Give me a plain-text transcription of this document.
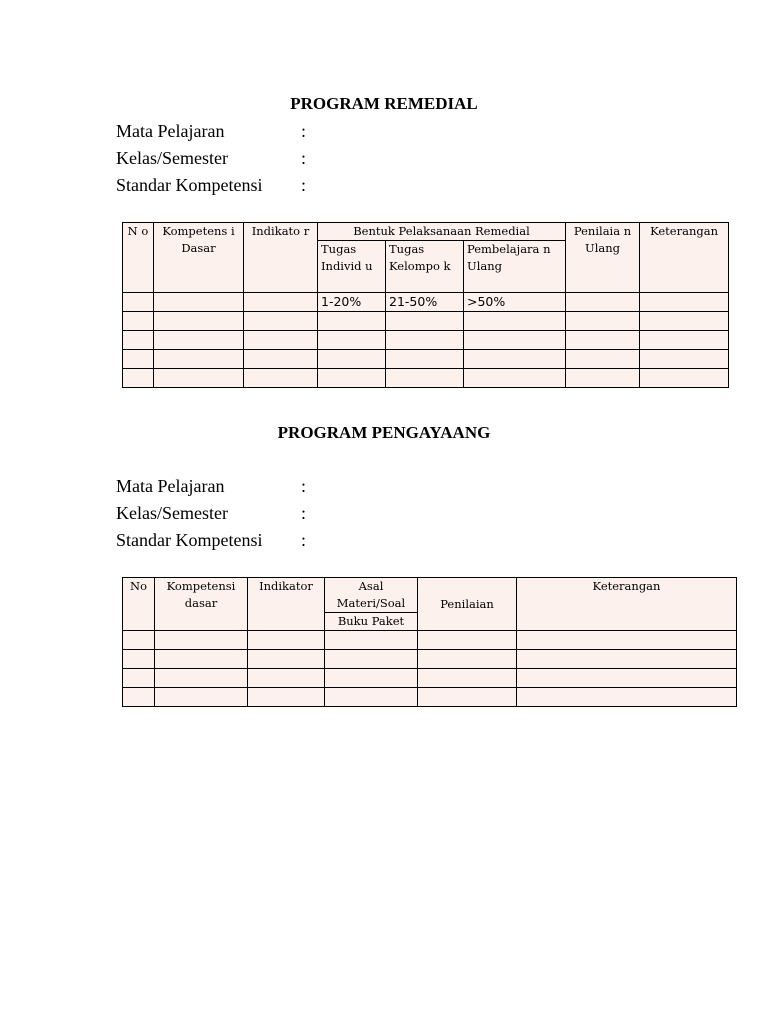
PROGRAM REMEDIAL
Mata Pelajaran	:
Kelas/Semester	:
Standar Kompetensi :
N o	Kompetens i Dasar	Indikato r	Bentuk Pelaksanaan Remedial			Penilaia n Ulang	Keterangan
			Tugas Individ u	Tugas Kelompo k	Pembelajara n Ulang		
			1-20%	21-50%	>50%		

PROGRAM PENGAYAANG
Mata Pelajaran	:
Kelas/Semester	:
Standar Kompetensi :
No	Kompetensi dasar	Indikator	Asal Materi/Soal	Penilaian	Keterangan
			Buku Paket		
